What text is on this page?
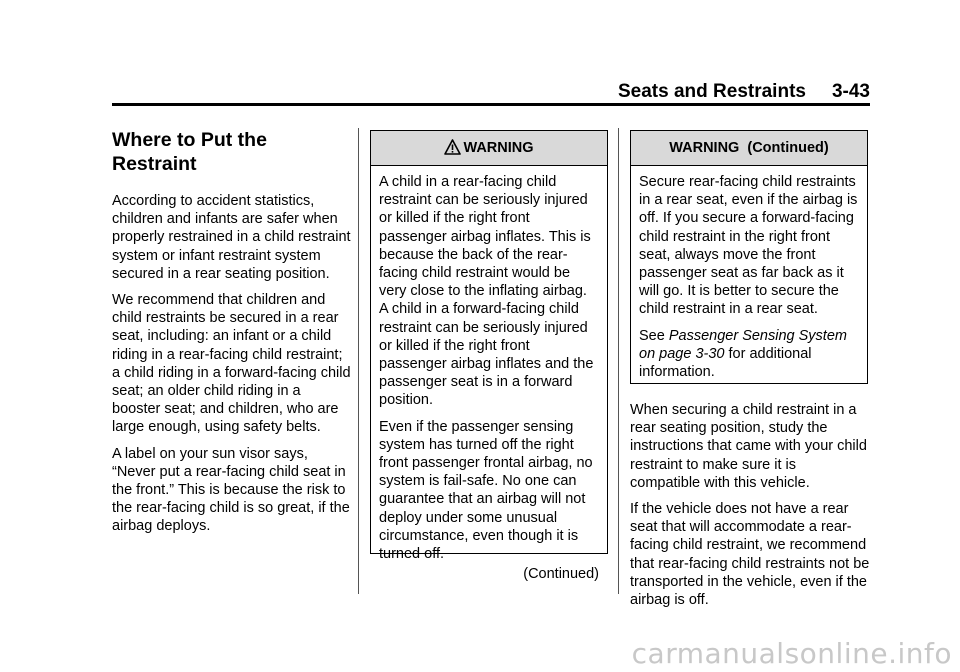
Seats and Restraints 3-43
Where to Put the Restraint

According to accident statistics, children and infants are safer when properly restrained in a child restraint system or infant restraint system secured in a rear seating position.

We recommend that children and child restraints be secured in a rear seat, including: an infant or a child riding in a rear-facing child restraint; a child riding in a forward-facing child seat; an older child riding in a booster seat; and children, who are large enough, using safety belts.

A label on your sun visor says, “Never put a rear-facing child seat in the front.” This is because the risk to the rear-facing child is so great, if the airbag deploys.

WARNING

A child in a rear-facing child restraint can be seriously injured or killed if the right front passenger airbag inflates. This is because the back of the rear-facing child restraint would be very close to the inflating airbag. A child in a forward-facing child restraint can be seriously injured or killed if the right front passenger airbag inflates and the passenger seat is in a forward position.

Even if the passenger sensing system has turned off the right front passenger frontal airbag, no system is fail-safe. No one can guarantee that an airbag will not deploy under some unusual circumstance, even though it is turned off.

(Continued)
WARNING  (Continued)

Secure rear-facing child restraints in a rear seat, even if the airbag is off. If you secure a forward-facing child restraint in the right front seat, always move the front passenger seat as far back as it will go. It is better to secure the child restraint in a rear seat.

See Passenger Sensing System on page 3-30 for additional information.

When securing a child restraint in a rear seating position, study the instructions that came with your child restraint to make sure it is compatible with this vehicle.

If the vehicle does not have a rear seat that will accommodate a rear-facing child restraint, we recommend that rear-facing child restraints not be transported in the vehicle, even if the airbag is off.

carmanualsonline.info
